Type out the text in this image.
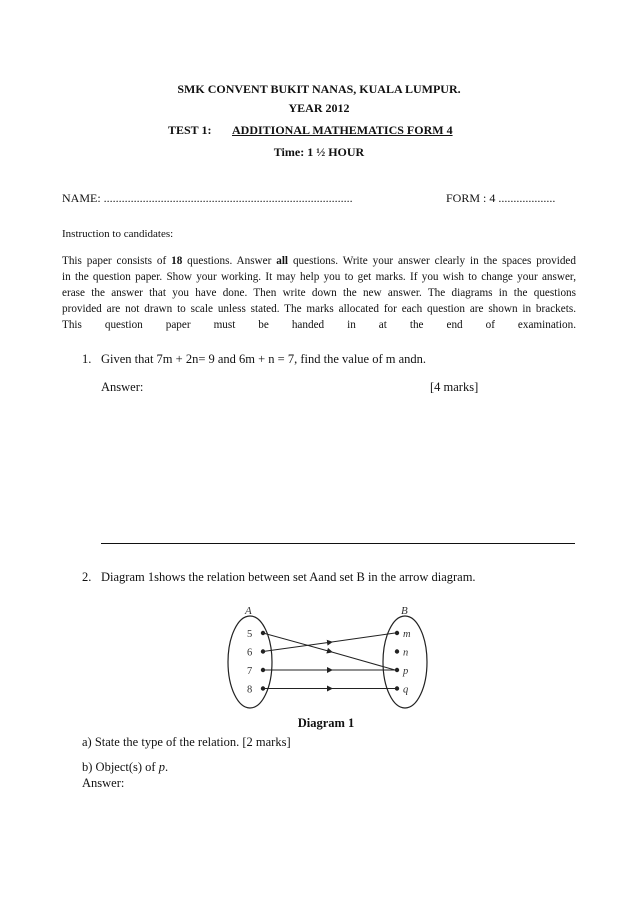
SMK CONVENT BUKIT NANAS, KUALA LUMPUR.
YEAR 2012
TEST 1: ADDITIONAL MATHEMATICS FORM 4
Time: 1 ½ HOUR
NAME: ...................................................................................	FORM : 4 ...................
Instruction to candidates:
This paper consists of 18 questions. Answer all questions. Write your answer clearly in the spaces provided
in the question paper. Show your working. It may help you to get marks. If you wish to change your answer,
erase the answer that you have done. Then write down the new answer. The diagrams in the questions
provided are not drawn to scale unless stated. The marks allocated for each question are shown in brackets.
This question paper must be handed in at the end of examination.
1. Given that 7m + 2n= 9 and 6m + n = 7, find the value of m andn.
Answer:	[4 marks]
2. Diagram 1shows the relation between set Aand set B in the arrow diagram.
A	B
5
6
7
8
m
n
p
q
Diagram 1
a) State the type of the relation. [2 marks]
b) Object(s) of p.
Answer:
